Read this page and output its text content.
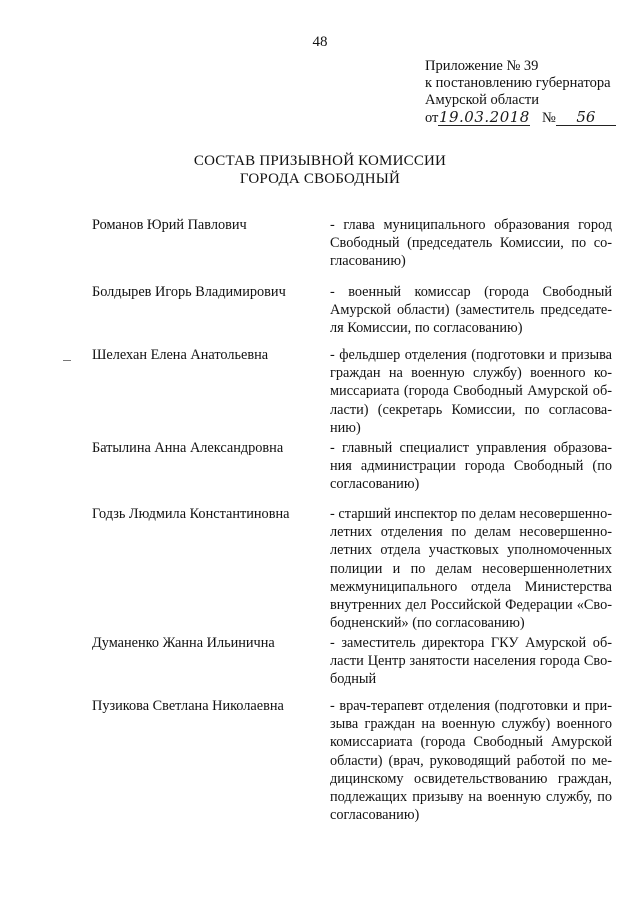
48
Приложение № 39
к постановлению губернатора
Амурской области
от19.03.2018 № 56
СОСТАВ ПРИЗЫВНОЙ КОМИССИИ
ГОРОДА СВОБОДНЫЙ
Романов Юрий Павлович	- глава муниципального образования город Свободный (председатель Комиссии, по согласованию)
Болдырев Игорь Владимирович	- военный комиссар (города Свободный Амурской области) (заместитель председателя Комиссии, по согласованию)
Шелехан Елена Анатольевна	- фельдшер отделения (подготовки и призыва граждан на военную службу) военного комиссариата (города Свободный Амурской области) (секретарь Комиссии, по согласованию)
Батылина Анна Александровна	- главный специалист управления образования администрации города Свободный (по согласованию)
Годзь Людмила Константиновна	- старший инспектор по делам несовершеннолетних отделения по делам несовершеннолетних отдела участковых уполномоченных полиции и по делам несовершеннолетних межмуниципального отдела Министерства внутренних дел Российской Федерации «Свободненский» (по согласованию)
Думаненко Жанна Ильинична	- заместитель директора ГКУ Амурской области Центр занятости населения города Свободный
Пузикова Светлана Николаевна	- врач-терапевт отделения (подготовки и призыва граждан на военную службу) военного комиссариата (города Свободный Амурской области) (врач, руководящий работой по медицинскому освидетельствованию граждан, подлежащих призыву на военную службу, по согласованию)
